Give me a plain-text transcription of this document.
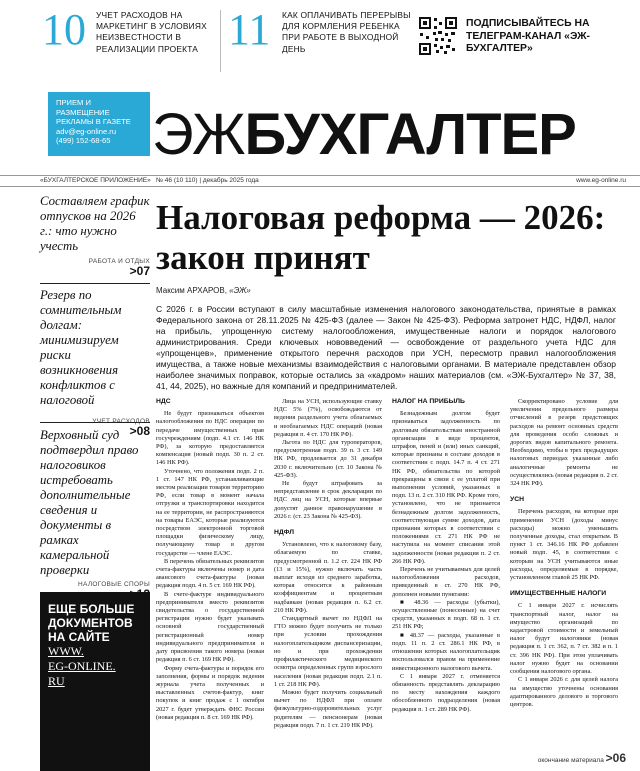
10 УЧЕТ РАСХОДОВ НА МАРКЕТИНГ В УСЛОВИЯХ НЕИЗВЕСТНОСТИ В РЕАЛИЗАЦИИ ПРОЕКТА 11 КАК ОПЛАЧИВАТЬ ПЕРЕРЫВЫ ДЛЯ КОРМЛЕНИЯ РЕБЕНКА ПРИ РАБОТЕ В ВЫХОДНОЙ ДЕНЬ
ПОДПИСЫВАЙТЕСЬ НА ТЕЛЕГРАМ-КАНАЛ «ЭЖ-БУХГАЛТЕР»
ПРИЕМ И РАЗМЕЩЕНИЕ РЕКЛАМЫ В ГАЗЕТЕ
adv@eg-online.ru
(499) 152-68-65 ЭЖБУХГАЛТЕР
«БУХГАЛТЕРСКОЕ ПРИЛОЖЕНИЕ» № 46 (10 110) | декабрь 2025 года	www.eg-online.ru
Составляем график отпусков на 2026 г.: что нужно учесть
РАБОТА И ОТДЫХ
>07
Резерв по сомнительным долгам: минимизируем риски возникновения конфликтов с налоговой
>08
Верховный суд подтвердил право налоговиков истребовать дополнительные сведения и документы в рамках камеральной проверки
НАЛОГОВЫЕ СПОРЫ
ЕЩЕ БОЛЬШЕ ДОКУМЕНТОВ НА САЙТЕ
WWW.
EG-ONLINE.
RU
Налоговая реформа — 2026: закон принят
Максим АРХАРОВ, «ЭЖ»
С 2026 г. в России вступают в силу масштабные изменения налогового законодательства, принятые в рамках Федерального закона от 28.11.2025 № 425-ФЗ (далее — Закон № 425-ФЗ). Реформа затронет НДС, НДФЛ, налог на прибыль, упрощенную систему налогообложения, имущественные налоги и порядок налогового администрирования. Среди ключевых нововведений — освобождение от раздельного учета НДС для «упрощенцев», применение открытого перечня расходов при УСН, пересмотр правил налогообложения имущества, а также новые механизмы взаимодействия с налоговыми органами. В материале представлен обзор наиболее значимых поправок, которые остались за «кадром» наших материалов (см. «ЭЖ-Бухгалтер» № 37, 38, 41, 44, 2025), но важные для компаний и предпринимателей.
НДС

Не будут признаваться объектом налогообложения по НДС операции по передаче имущественных прав госучреждениям (подп. 4.1 ст. 146 НК РФ), за которую предоставляется компенсация (новый подп. 30 п. 2 ст. 146 НК РФ).

Уточнено, что положения подп. 2 п. 1 ст. 147 НК РФ, устанавливающие местом реализации товаров территорию РФ, если товар в момент начала отгрузки и транспортировки находится на ее территории, не распространяются на товары ЕАЭС, которые реализуются посредством электронной торговой площадки физическому лицу, получающему товар в другом государстве — члене ЕАЭС.

В перечень обязательных реквизитов счета-фактуры включены номер и дата авансового счета-фактуры (новая редакция подп. 4 п. 5 ст. 169 НК РФ).

В счете-фактуре индивидуального предпринимателя вместо реквизитов свидетельства о государственной регистрации нужно будет указывать основной государственный регистрационный номер индивидуального предпринимателя и дату присвоения такого номера (новая редакция п. 6 ст. 169 НК РФ).

Форму счета-фактуры и порядок его заполнения, формы и порядок ведения журнала учета полученных и выставленных счетов-фактур, книг покупок и книг продаж с 1 октября 2027 г. будет утверждать ФНС России (новая редакция п. 8 ст. 169 НК РФ).

Лица на УСН, использующие ставку НДС 5% (7%), освобождаются от ведения раздельного учета облагаемых и необлагаемых НДС операций (новая редакция п. 4 ст. 170 НК РФ).

Льгота по НДС для туроператоров, предусмотренная подп. 39 п. 3 ст. 149 НК РФ, продлевается до 31 декабря 2030 г. включительно (ст. 10 Закона № 425-ФЗ).

Не будут штрафовать за непредставление в срок декларации по НДС лиц на УСН, которые впервые допустят данное правонарушение в 2026 г. (ст. 23 Закона № 425-ФЗ).

НДФЛ

Установлено, что к налоговому базу, облагаемую по ставке, предусмотренной п. 1.2 ст. 224 НК РФ (13 и 15%), нужно включать часть выплат исходя из среднего заработка, которая относится к районным коэффициентам и процентным надбавкам (новая редакция п. 6.2 ст. 210 НК РФ).

Стандартный вычет по НДФЛ на ГТО можно будет получить не только при условии прохождения налогоплательщиком диспансеризации, но и при прохождении профилактического медицинского осмотра определенных групп взрослого населения (новая редакция подп. 2.1 п. 1 ст. 218 НК РФ).

Можно будет получить социальный вычет по НДФЛ при оплате физкультурно-оздоровительных услуг родителям — пенсионерам (новая редакция подп. 7 п. 1 ст. 219 НК РФ).

НАЛОГ НА ПРИБЫЛЬ

Безнадежным долгом будет признаваться задолженность по долговым обязательствам иностранной организации в виде процентов, штрафов, пеней и (или) иных санкций, которые признаны в составе доходов в соответствии с подп. 14.7 п. 4 ст. 271 НК РФ, обязательства по которой прекращены в связи с ее уплатой при выполнении условий, указанных в подп. 13 п. 2 ст. 310 НК РФ. Кроме того, установлено, что не признается безнадежным долгом задолженность, соответствующая сумме доходов, дата признания которых в соответствии с положениями ст. 271 НК РФ не наступила на момент списания этой задолженности (новая редакция п. 2 ст. 266 НК РФ).

Перечень не учитываемых для целей налогообложения расходов, приведенный в ст. 270 НК РФ, дополнен новыми пунктами:

■ 48.36 — расходы (убытки), осуществленные (понесенные) на счет средств, указанных в подп. 68 п. 1 ст. 251 НК РФ;

■ 48.37 — расходы, указанные в подп. 11 п. 2 ст. 286.1 НК РФ, в отношении которых налогоплательщик воспользовался правом на применение инвестиционного налогового вычета.

С 1 января 2027 г. отменяется обязанность представлять декларацию по месту нахождения каждого обособленного подразделения (новая редакция п. 1 ст. 289 НК РФ).

Скорректировано условие для увеличения предельного размера отчислений в резерв предстоящих расходов на ремонт основных средств для проведения особо сложных и дорогих видов капитального ремонта. Необходимо, чтобы в трех предыдущих налоговых периодах указанные либо аналогичные ремонты не осуществлялись (новая редакция п. 2 ст. 324 НК РФ).

УСН

Перечень расходов, на которые при применении УСН (доходы минус расходы) можно уменьшить полученные доходы, стал открытым. В пункт 1 ст. 346.16 НК РФ добавлен новый подп. 45, в соответствии с которым на УСН учитываются иные расходы, определяемые в порядке, установленном главой 25 НК РФ.

ИМУЩЕСТВЕННЫЕ НАЛОГИ

С 1 января 2027 г. исчислять транспортный налог, налог на имущество организаций по кадастровой стоимости и земельный налог будут налоговики (новая редакция п. 1 ст. 362, п. 7 ст. 382 и п. 1 ст. 396 НК РФ). При этом уплачивать налог нужно будет на основании сообщения налогового органа.

С 1 января 2026 г. для целей налога на имущество уточнены основания адаптированного делового и торгового центров.

окончание материала >06
